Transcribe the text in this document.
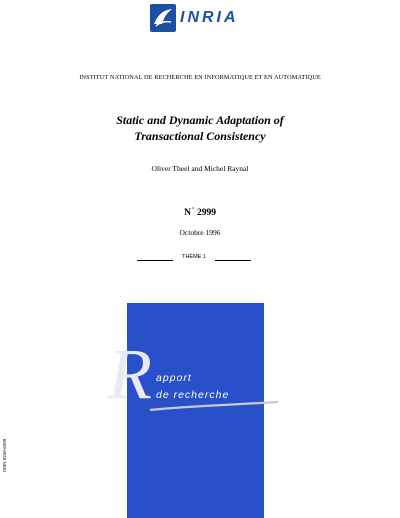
INRIA
INSTITUT NATIONAL DE RECHERCHE EN INFORMATIQUE ET EN AUTOMATIQUE
Static and Dynamic Adaptation of
Transactional Consistency
Oliver Theel and Michel Raynal
N° 2999
Octobre 1996
THÈME 1
R apport
de recherche
ISSN 0249-6399
